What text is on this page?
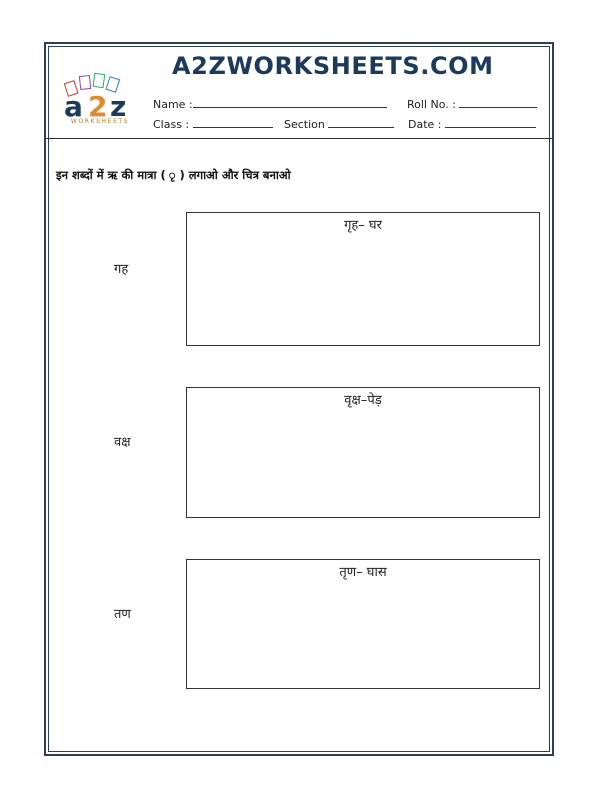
A2ZWORKSHEETS.COM
a 2 z
WORKSHEETS
Name :	Roll No. :
Class :	Section	Date :
इन शब्दों में ऋ की मात्रा ( ृ ) लगाओ और चित्र बनाओ
गह
गृह– घर
वक्ष
वृक्ष–पेड़
तण
तृण– घास
